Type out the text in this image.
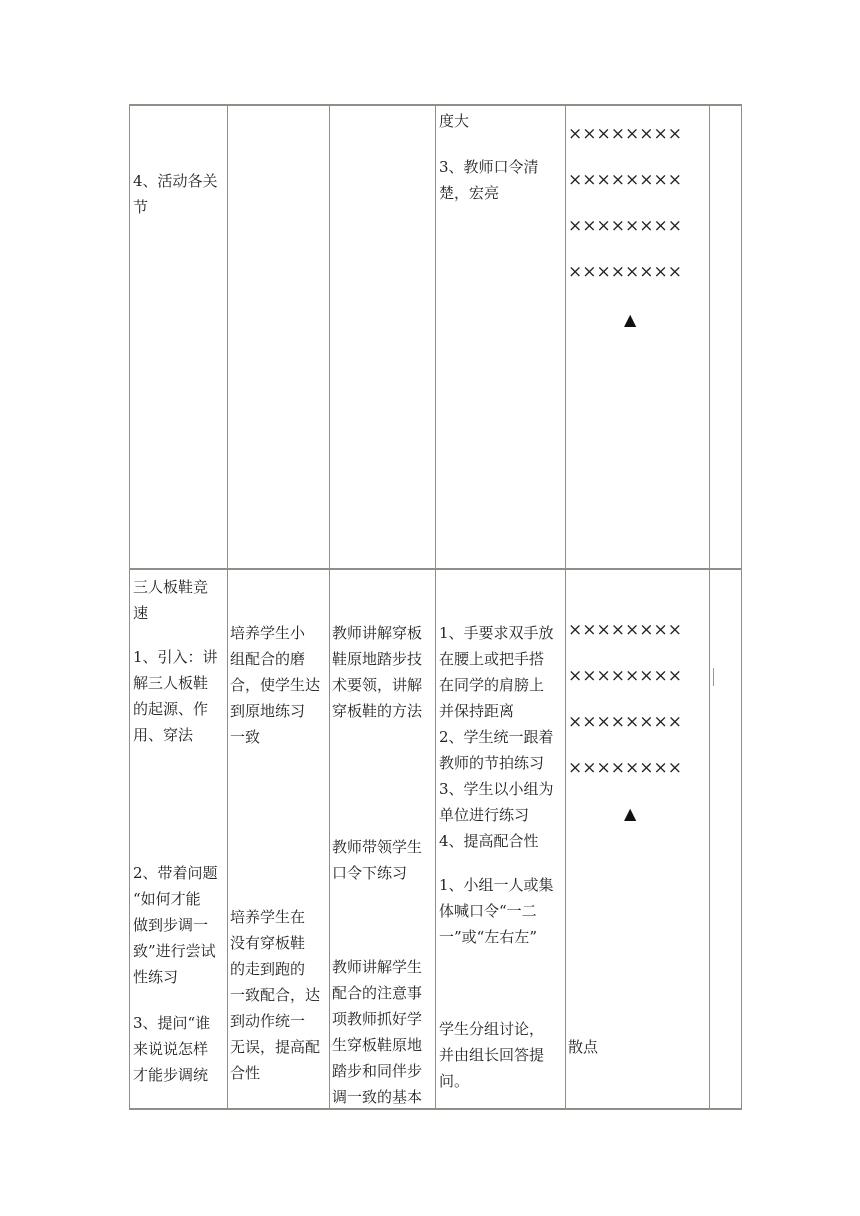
4、活动各关
节
度大
3、教师口令清
楚，宏亮
××××××××
××××××××
××××××××
××××××××
▲
三人板鞋竞
速
1、引入：讲
解三人板鞋
的起源、作
用、穿法
2、带着问题
“如何才能
做到步调一
致”进行尝试
性练习
3、提问“谁
来说说怎样
才能步调统
培养学生小
组配合的磨
合，使学生达
到原地练习
一致
培养学生在
没有穿板鞋
的走到跑的
一致配合，达
到动作统一
无误，提高配
合性
教师讲解穿板
鞋原地踏步技
术要领，讲解
穿板鞋的方法
教师带领学生
口令下练习
教师讲解学生
配合的注意事
项教师抓好学
生穿板鞋原地
踏步和同伴步
调一致的基本
1、手要求双手放
在腰上或把手搭
在同学的肩膀上
并保持距离
2、学生统一跟着
教师的节拍练习
3、学生以小组为
单位进行练习
4、提高配合性
1、小组一人或集
体喊口令“一二
一”或“左右左”
学生分组讨论，
并由组长回答提
问。
××××××××
××××××××
××××××××
××××××××
▲
散点
